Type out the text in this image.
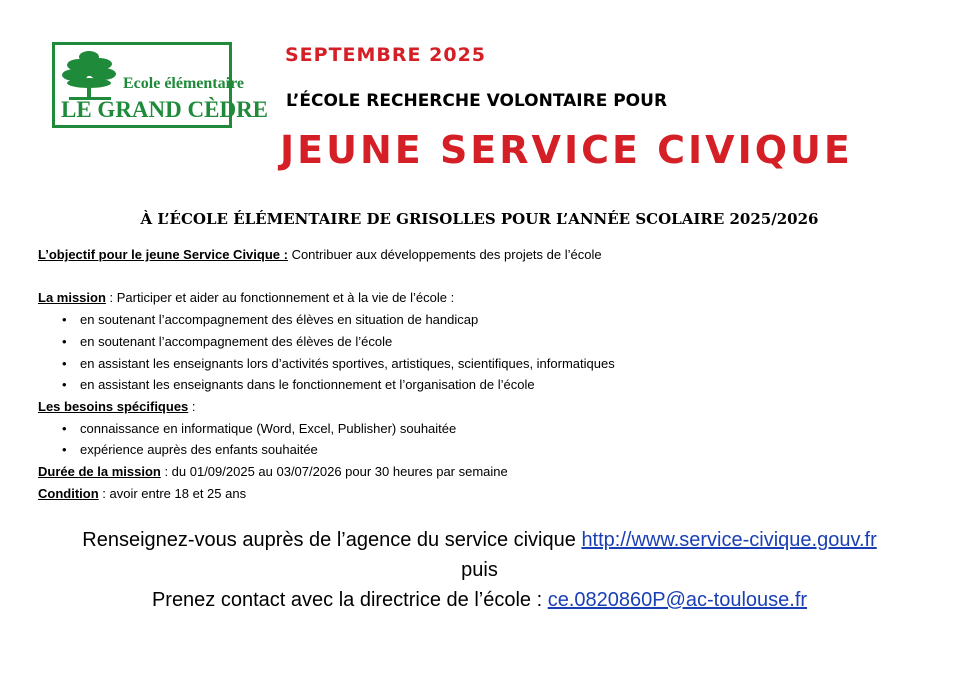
Ecole élémentaire
LE GRAND CÈDRE
SEPTEMBRE 2025
L’ÉCOLE RECHERCHE VOLONTAIRE POUR
JEUNE SERVICE CIVIQUE
À L’ÉCOLE ÉLÉMENTAIRE DE GRISOLLES POUR L’ANNÉE SCOLAIRE 2025/2026
L’objectif pour le jeune Service Civique : Contribuer aux développements des projets de l’école
La mission : Participer et aider au fonctionnement et à la vie de l’école :
• en soutenant l’accompagnement des élèves en situation de handicap
• en soutenant l’accompagnement des élèves de l’école
• en assistant les enseignants lors d’activités sportives, artistiques, scientifiques, informatiques
• en assistant les enseignants dans le fonctionnement et l’organisation de l’école
Les besoins spécifiques :
• connaissance en informatique (Word, Excel, Publisher) souhaitée
• expérience auprès des enfants souhaitée
Durée de la mission : du 01/09/2025 au 03/07/2026 pour 30 heures par semaine
Condition : avoir entre 18 et 25 ans
Renseignez-vous auprès de l’agence du service civique http://www.service-civique.gouv.fr
puis
Prenez contact avec la directrice de l’école : ce.0820860P@ac-toulouse.fr
